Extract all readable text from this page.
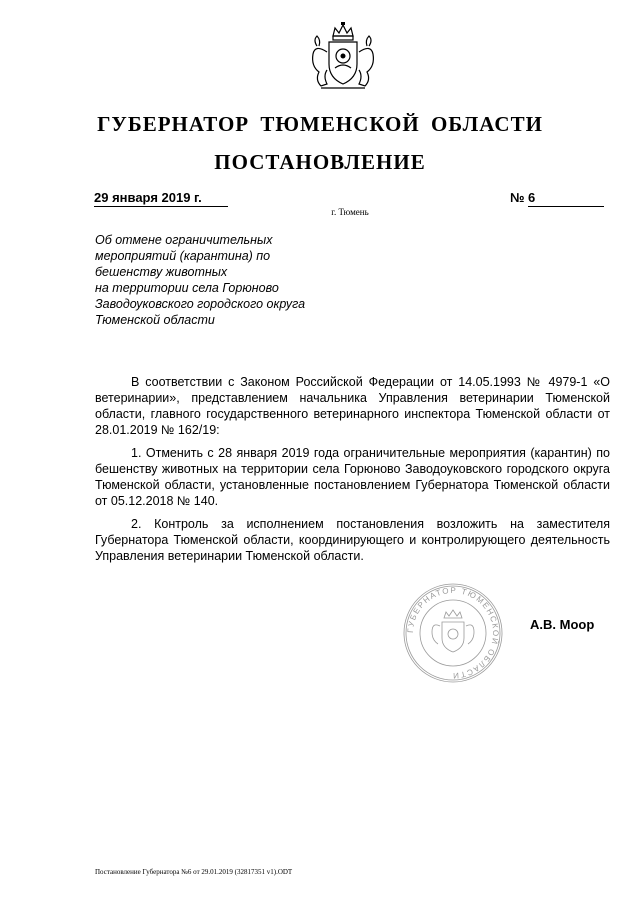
ГУБЕРНАТОР ТЮМЕНСКОЙ ОБЛАСТИ
ПОСТАНОВЛЕНИЕ
29 января 2019 г.	№ 6
г. Тюмень
Об отмене ограничительных
мероприятий (карантина) по
бешенству животных
на территории села Горюново
Заводоуковского городского округа
Тюменской области

В соответствии с Законом Российской Федерации от 14.05.1993 № 4979-1 «О ветеринарии», представлением начальника Управления ветеринарии Тюменской области, главного государственного ветеринарного инспектора Тюменской области от 28.01.2019 № 162/19:

1. Отменить с 28 января 2019 года ограничительные мероприятия (карантин) по бешенству животных на территории села Горюново Заводоуковского городского округа Тюменской области, установленные постановлением Губернатора Тюменской области от 05.12.2018 № 140.

2. Контроль за исполнением постановления возложить на заместителя Губернатора Тюменской области, координирующего и контролирующего деятельность Управления ветеринарии Тюменской области.

ГУБЕРНАТОР ТЮМЕНСКОЙ ОБЛАСТИ
А.В. Моор
Постановление Губернатора №6 от 29.01.2019 (32817351 v1).ODT
